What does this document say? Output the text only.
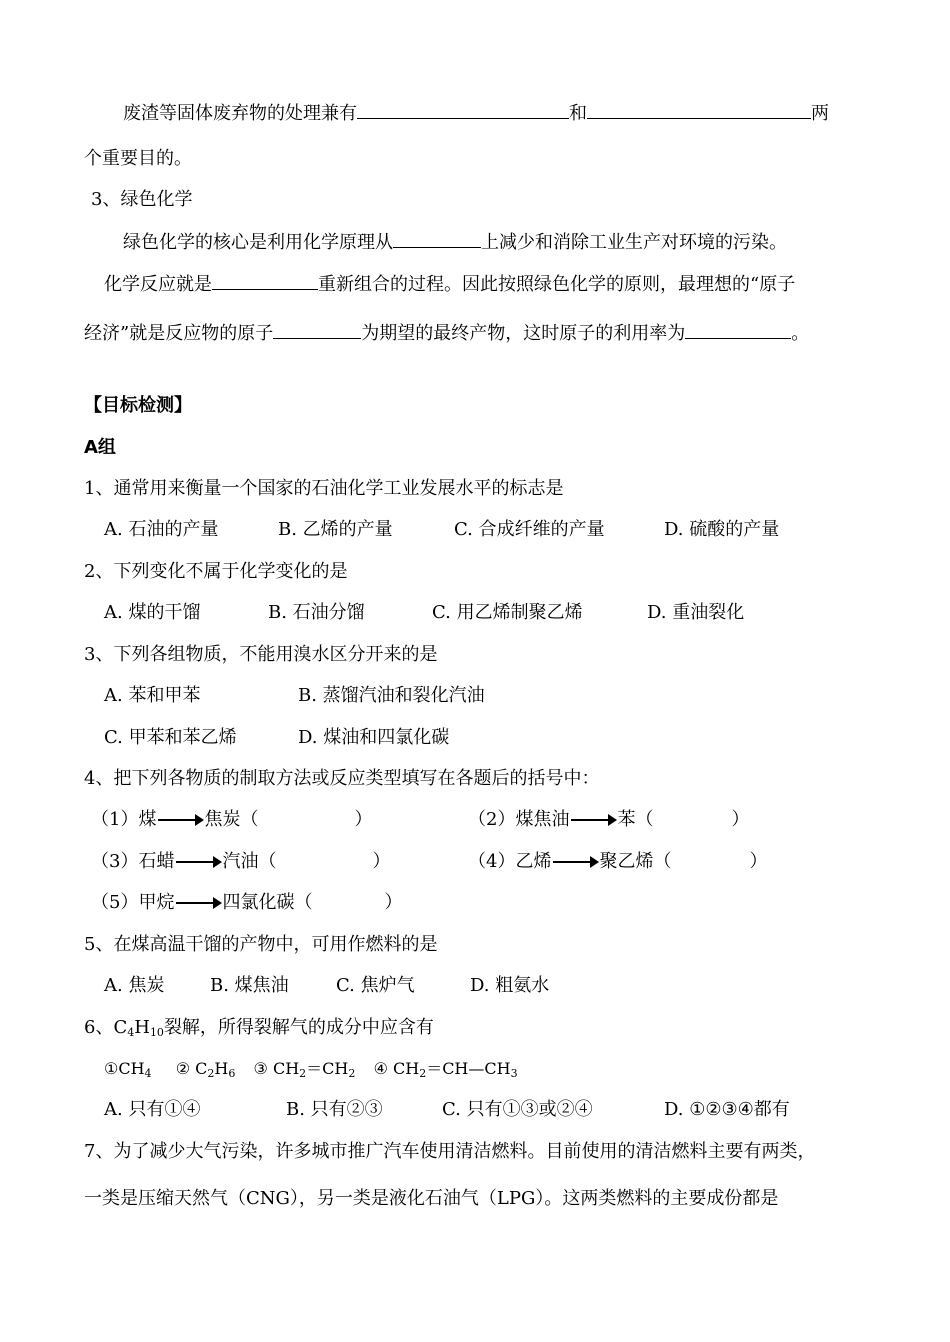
废渣等固体废弃物的处理兼有	和	两
个重要目的。
3、绿色化学
绿色化学的核心是利用化学原理从	上减少和消除工业生产对环境的污染。
化学反应就是	重新组合的过程。因此按照绿色化学的原则，最理想的“原子
经济”就是反应物的原子	为期望的最终产物，这时原子的利用率为	。
【目标检测】
A组
1、通常用来衡量一个国家的石油化学工业发展水平的标志是
A. 石油的产量	B. 乙烯的产量	C. 合成纤维的产量	D. 硫酸的产量
2、下列变化不属于化学变化的是
A. 煤的干馏	B. 石油分馏	C. 用乙烯制聚乙烯	D. 重油裂化
3、下列各组物质，不能用溴水区分开来的是
A. 苯和甲苯	B. 蒸馏汽油和裂化汽油
C. 甲苯和苯乙烯	D. 煤油和四氯化碳
4、把下列各物质的制取方法或反应类型填写在各题后的括号中：
（1）煤	焦炭（	）	（2）煤焦油	苯（	）
（3）石蜡	汽油（	）	（4）乙烯	聚乙烯（	）
（5）甲烷	四氯化碳（	）
5、在煤高温干馏的产物中，可用作燃料的是
A. 焦炭	B. 煤焦油	C. 焦炉气	D. 粗氨水
6、$C_4H_{10}$裂解，所得裂解气的成分中应含有
$①CH_4$ ② $C_2H_6$ ③ $CH_2=CH_2$ ④ $CH_2=CH—CH_3$
A. 只有①④	B. 只有②③	C. 只有①③或②④	D. ①②③④都有
7、为了减少大气污染，许多城市推广汽车使用清洁燃料。目前使用的清洁燃料主要有两类，
一类是压缩天然气（CNG），另一类是液化石油气（LPG）。这两类燃料的主要成份都是
